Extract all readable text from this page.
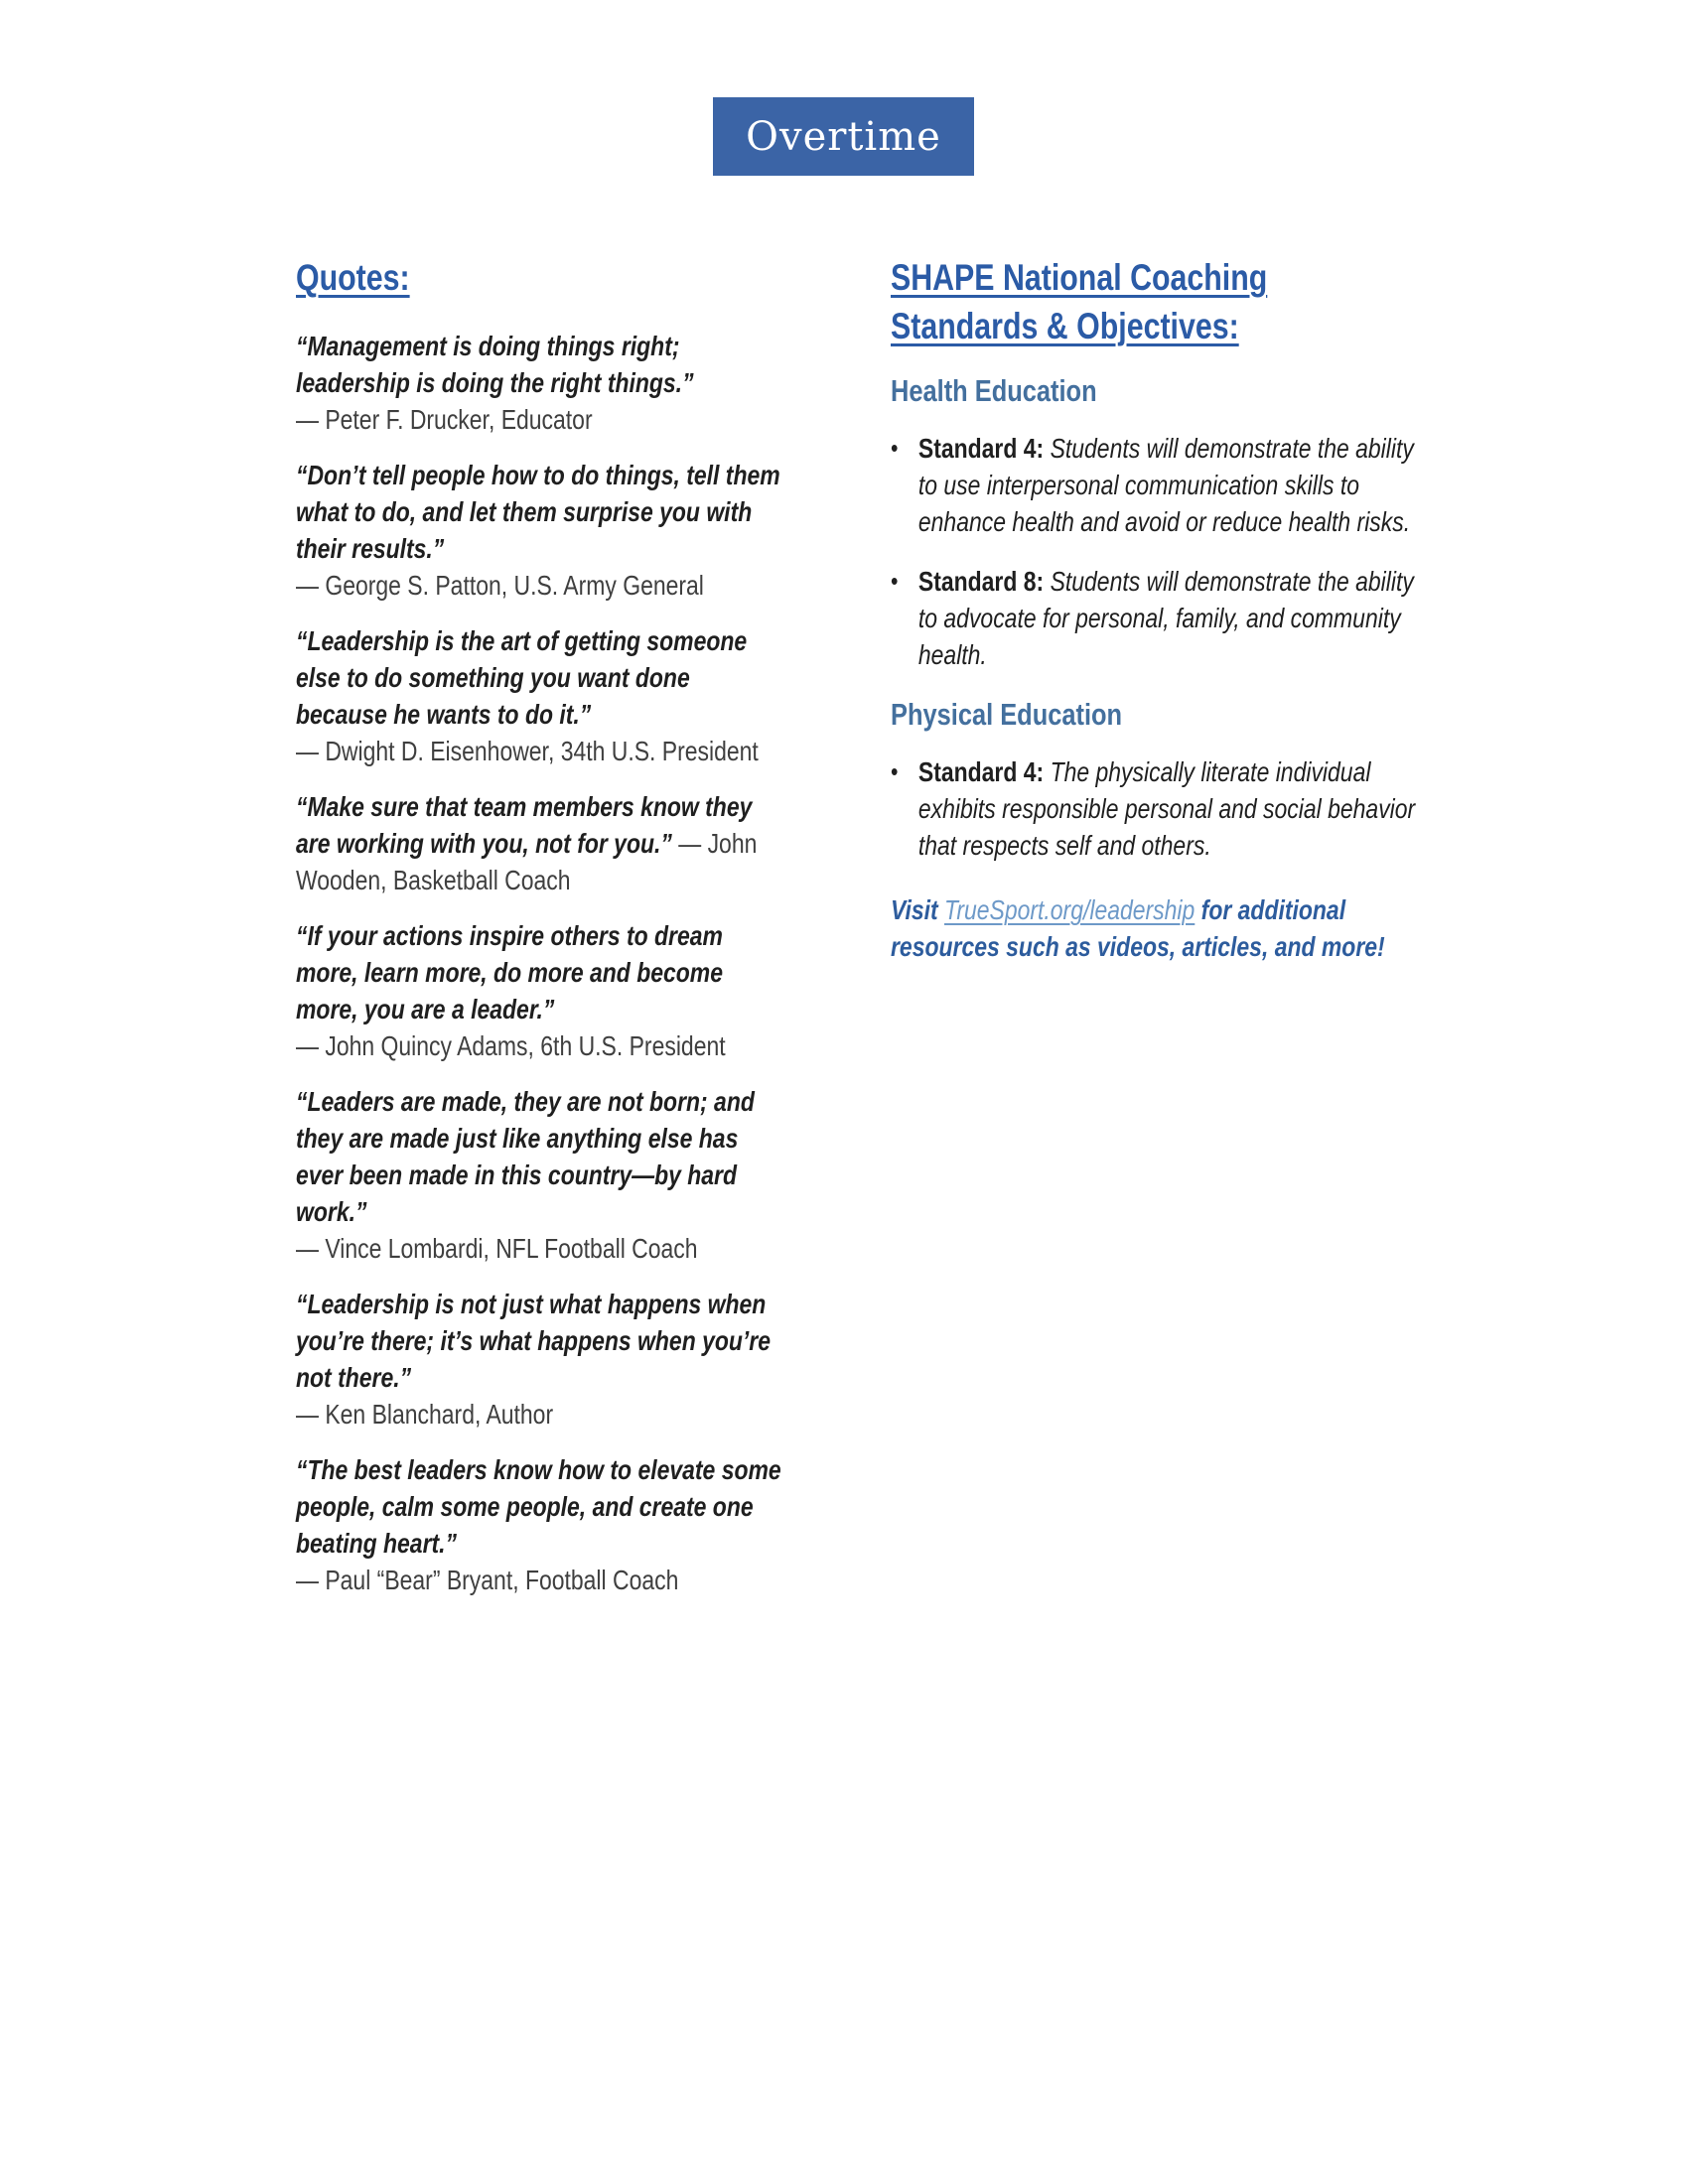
Overtime
Quotes:

“Management is doing things right; leadership is doing the right things.”
— Peter F. Drucker, Educator

“Don’t tell people how to do things, tell them what to do, and let them surprise you with their results.”
— George S. Patton, U.S. Army General

“Leadership is the art of getting someone else to do something you want done because he wants to do it.”
— Dwight D. Eisenhower, 34th U.S. President

“Make sure that team members know they are working with you, not for you.” — John Wooden, Basketball Coach

“If your actions inspire others to dream more, learn more, do more and become more, you are a leader.”
— John Quincy Adams, 6th U.S. President

“Leaders are made, they are not born; and they are made just like anything else has ever been made in this country—by hard work.”
— Vince Lombardi, NFL Football Coach

“Leadership is not just what happens when you’re there; it’s what happens when you’re not there.”
— Ken Blanchard, Author

“The best leaders know how to elevate some people, calm some people, and create one beating heart.”
— Paul “Bear” Bryant, Football Coach

SHAPE National Coaching Standards & Objectives:
Health Education
• Standard 4: Students will demonstrate the ability to use interpersonal communication skills to enhance health and avoid or reduce health risks.
• Standard 8: Students will demonstrate the ability to advocate for personal, family, and community health.
Physical Education
• Standard 4: The physically literate individual exhibits responsible personal and social behavior that respects self and others.

Visit TrueSport.org/leadership for additional resources such as videos, articles, and more!
